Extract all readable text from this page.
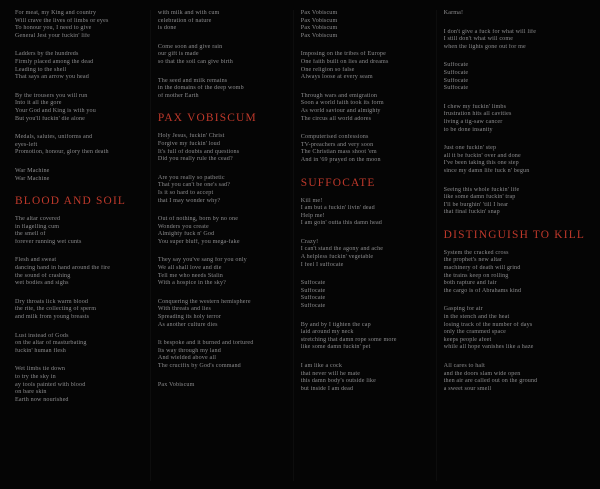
For meat, my King and country
Will crave the lives of limbs or eyes
To honour you, I need to give
General Jest your fuckin' life
Ladders by the hundreds
Firmly placed among the dead
Leading to the shell
That says an arrow you head
By the trousers you will run
Into it all the gore
Your God and King is with you
But you'll fuckin' die alone
Medals, salutes, uniforms and
eyes-left
Promotion, honour, glory then death
War Machine
War Machine
BLOOD AND SOIL
The altar covered
in flagelling cum
the smell of
forever running wet cunts
Flesh and sweat
dancing hand in hand around the fire
the sound of crashing
wet bodies and sighs
Dry throats lick warm blood
the rite, the collecting of sperm
and milk from young breasts
Lust instead of Gods
on the altar of masturbating
fuckin' human flesh
Wet limbs tie down
to try the sky in
ay tools painted with blood
on bare skin
Earth now nourished
with milk and with cum
celebration of nature
is done
Come soon and give rain
our gift is made
so that the soil can give birth
The seed and milk remains
in the domains of the deep womb
of mother Earth
PAX VOBISCUM
Holy Jesus, fuckin' Christ
Forgive my fuckin' loud
It's full of doubts and questions
Did you really rule the cead?
Are you really so pathetic
That you can't be one's sad?
Is it so hard to accept
that I may wonder why?
Out of nothing, born by no one
Wonders you create
Almighty fuck n' God
You super bluff, you mega-fake
They say you've sang for you only
We all shall love and die
Tell me who needs Stalin
With a hospice in the sky?
Conquering the western hemisphere
With threats and lies
Spreading its holy terror
As another culture dies
It bespoke and it burned and tortured
Its way through my land
And wielded above all
The crucifix by God's command
Pax Vobiscum
Pax Vobiscum
Pax Vobiscum
Pax Vobiscum
Pax Vobiscum
Imposing on the tribes of Europe
One faith built on lies and dreams
One religion so false
Always loose at every seam
Through wars and emigration
Soon a world faith took its form
As world saviour and almighty
The circus all world adores
Computerised confessions
TV-preachers and very soon
The Christian mass shoot 'em
And in '69 prayed on the moon
SUFFOCATE
Kill me!
I am but a fuckin' livin' dead
Help me!
I am goin' outta this damn head
Crazy!
I can't stand the agony and ache
A helpless fuckin' vegetable
I feel I suffocate
Suffocate
Suffocate
Suffocate
Suffocate
By and by I tighten the cap
laid around my neck
stretching that damn rope some more
like some damn fuckin' pet
I am like a cock
that never will he mate
this damn body's outside like
but inside I am dead
Karma!
I don't give a fuck for what will life
I still don't what will come
when the lights gone out for me
Suffocate
Suffocate
Suffocate
Suffocate
I chew my fuckin' limbs
frustration hits all cavities
living a tig-saw cancer
to be done insanity
Just one fuckin' step
all it be fuckin' over and done
I've been taking this one step
since my damn life fuck n' begun
Seeing this whole fuckin' life
like some damn fuckin' trap
I'll be burghin' 'till I hear
that final fuckin' snap
DISTINGUISH TO KILL
System the cracked cross
the prophet's new altar
machinery of death will grind
the trains keep on rolling
both rapture and fair
the cargo is of Abrahams kind
Gasping for air
in the stench and the heat
losing track of the number of days
only the crammed space
keeps people afeet
while all hope vanishes like a haze
All cares to halt
and the doors slam wide open
then air are called out on the ground
a sweet sour smell
